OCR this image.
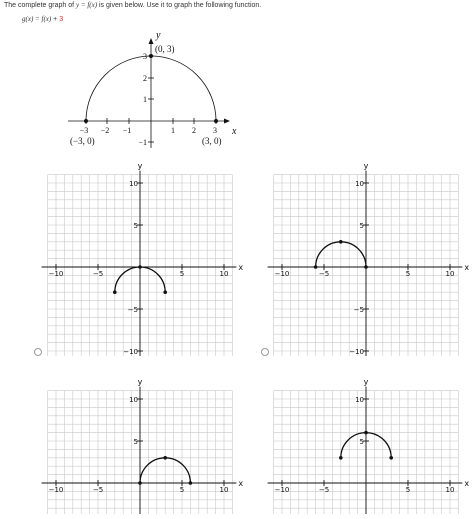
The complete graph of y = f(x) is given below. Use it to graph the following function.
g(x) = f(x) + 3
x
y
−3 −2 −1	1 2 3
1
2
3
−1
(0, 3)
(−3, 0)	(3, 0)
x
y
−10	−5	5	10
10
5
−5
−10
x
y
−10	−5	5	10
10
5
−5
−10
x
y
−10	−5	5	10
10
5
x
y
−10	−5	5	10
10
5
